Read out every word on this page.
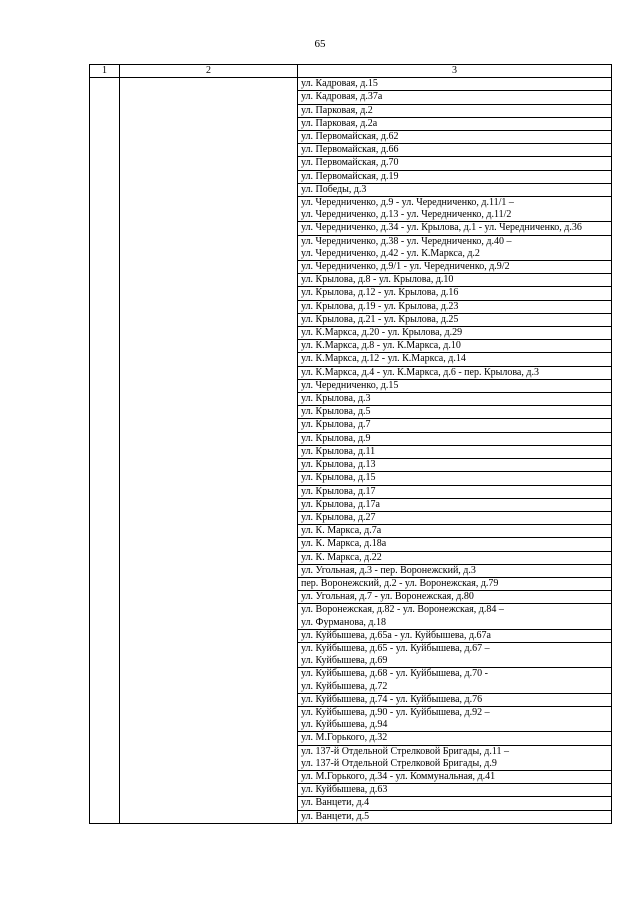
65
1	2	3
		ул. Кадровая, д.15
		ул. Кадровая, д.37а
		ул. Парковая, д.2
		ул. Парковая, д.2а
		ул. Первомайская, д.62
		ул. Первомайская, д.66
		ул. Первомайская, д.70
		ул. Первомайская, д.19
		ул. Победы, д.3
		ул. Чередниченко, д.9 - ул. Чередниченко, д.11/1 –
ул. Чередниченко, д.13 - ул. Чередниченко, д.11/2
		ул. Чередниченко, д.34 - ул. Крылова, д.1 - ул. Чередниченко, д.36
		ул. Чередниченко, д.38 - ул. Чередниченко, д.40 –
ул. Чередниченко, д.42 - ул. К.Маркса, д.2
		ул. Чередниченко, д.9/1 - ул. Чередниченко, д.9/2
		ул. Крылова, д.8 - ул. Крылова, д.10
		ул. Крылова, д.12 - ул. Крылова, д.16
		ул. Крылова, д.19 - ул. Крылова, д.23
		ул. Крылова, д.21 - ул. Крылова, д.25
		ул. К.Маркса, д.20 - ул. Крылова, д.29
		ул. К.Маркса, д.8 - ул. К.Маркса, д.10
		ул. К.Маркса, д.12 - ул. К.Маркса, д.14
		ул. К.Маркса, д.4 - ул. К.Маркса, д.6 - пер. Крылова, д.3
		ул. Чередниченко, д.15
		ул. Крылова, д.3
		ул. Крылова, д.5
		ул. Крылова, д.7
		ул. Крылова, д.9
		ул. Крылова, д.11
		ул. Крылова, д.13
		ул. Крылова, д.15
		ул. Крылова, д.17
		ул. Крылова, д.17а
		ул. Крылова, д.27
		ул. К. Маркса, д.7а
		ул. К. Маркса, д.18а
		ул. К. Маркса, д.22
		ул. Угольная, д.3 - пер. Воронежский, д.3
		пер. Воронежский, д.2 - ул. Воронежская, д.79
		ул. Угольная, д.7 - ул. Воронежская, д.80
		ул. Воронежская, д.82 - ул. Воронежская, д.84 –
ул. Фурманова, д.18
		ул. Куйбышева, д.65а - ул. Куйбышева, д.67а
		ул. Куйбышева, д.65 - ул. Куйбышева, д.67 –
ул. Куйбышева, д.69
		ул. Куйбышева, д.68 - ул. Куйбышева, д.70 -
ул. Куйбышева, д.72
		ул. Куйбышева, д.74 - ул. Куйбышева, д.76
		ул. Куйбышева, д.90 - ул. Куйбышева, д.92 –
ул. Куйбышева, д.94
		ул. М.Горького, д.32
		ул. 137-й Отдельной Стрелковой Бригады, д.11 –
ул. 137-й Отдельной Стрелковой Бригады, д.9
		ул. М.Горького, д.34 - ул. Коммунальная, д.41
		ул. Куйбышева, д.63
		ул. Ванцети, д.4
		ул. Ванцети, д.5
